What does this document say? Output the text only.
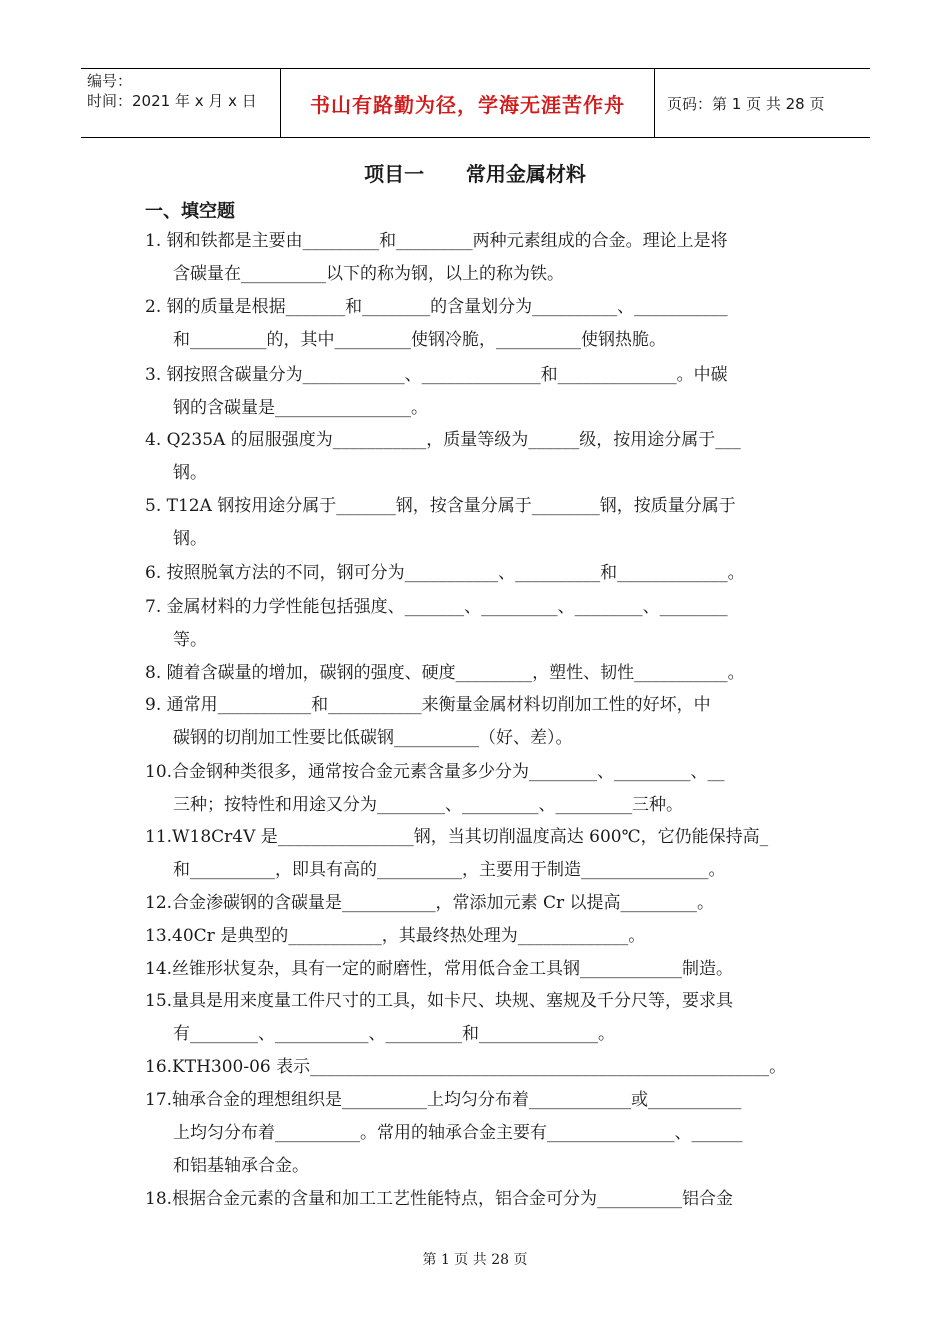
编号：
时间：2021 年 x 月 x 日	书山有路勤为径，学海无涯苦作舟	页码：第 1 页 共 28 页
项目一      常用金属材料
一、填空题
1. 钢和铁都是主要由_________和_________两种元素组成的合金。理论上是将
含碳量在__________以下的称为钢，以上的称为铁。
2. 钢的质量是根据_______和________的含量划分为__________、___________
和_________的，其中_________使钢冷脆，__________使钢热脆。
3. 钢按照含碳量分为____________、______________和______________。中碳
钢的含碳量是________________。
4. Q235A 的屈服强度为___________，质量等级为______级，按用途分属于___
钢。
5. T12A 钢按用途分属于_______钢，按含量分属于________钢，按质量分属于
钢。
6. 按照脱氧方法的不同，钢可分为___________、__________和_____________。
7. 金属材料的力学性能包括强度、_______、_________、________、________
等。
8. 随着含碳量的增加，碳钢的强度、硬度_________，塑性、韧性___________。
9. 通常用___________和___________来衡量金属材料切削加工性的好坏，中
碳钢的切削加工性要比低碳钢__________（好、差）。
10.合金钢种类很多，通常按合金元素含量多少分为________、_________、__
三种；按特性和用途又分为________、_________、_________三种。
11.W18Cr4V 是________________钢，当其切削温度高达 600℃，它仍能保持高_
和__________，即具有高的__________，主要用于制造_______________。
12.合金渗碳钢的含碳量是___________，常添加元素 Cr 以提高_________。
13.40Cr 是典型的___________，其最终热处理为_____________。
14.丝锥形状复杂，具有一定的耐磨性，常用低合金工具钢____________制造。
15.量具是用来度量工件尺寸的工具，如卡尺、块规、塞规及千分尺等，要求具
有________、___________、_________和______________。
16.KTH300-06 表示______________________________________________________。
17.轴承合金的理想组织是__________上均匀分布着____________或___________
上均匀分布着__________。常用的轴承合金主要有_______________、______
和铝基轴承合金。
18.根据合金元素的含量和加工工艺性能特点，铝合金可分为__________铝合金
第 1 页 共 28 页
